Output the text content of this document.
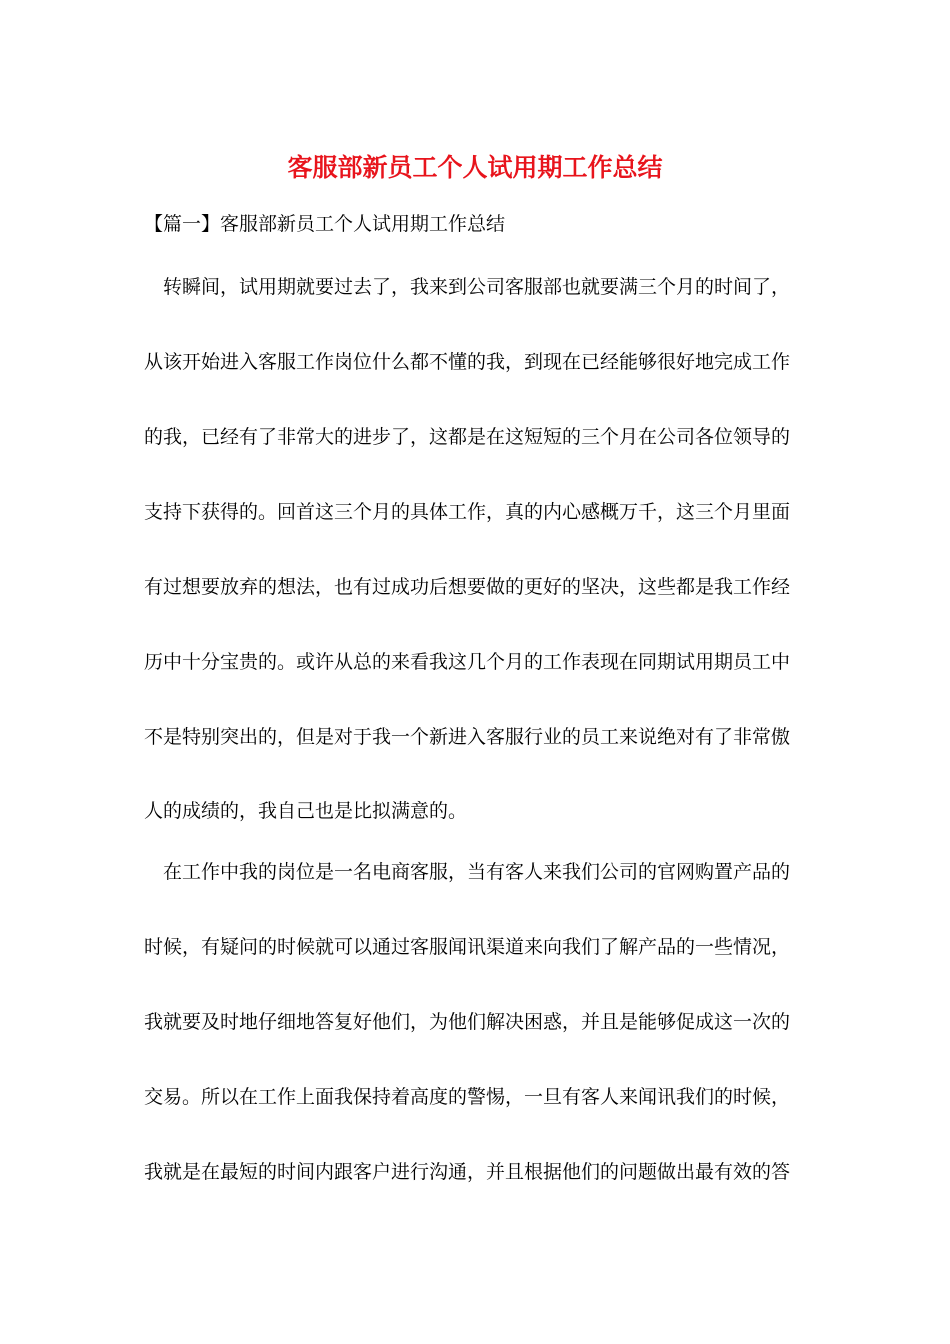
客服部新员工个人试用期工作总结
【篇一】客服部新员工个人试用期工作总结
　转瞬间，试用期就要过去了，我来到公司客服部也就要满三个月的时间了，
从该开始进入客服工作岗位什么都不懂的我，到现在已经能够很好地完成工作
的我，已经有了非常大的进步了，这都是在这短短的三个月在公司各位领导的
支持下获得的。回首这三个月的具体工作，真的内心感概万千，这三个月里面
有过想要放弃的想法，也有过成功后想要做的更好的坚决，这些都是我工作经
历中十分宝贵的。或许从总的来看我这几个月的工作表现在同期试用期员工中
不是特别突出的，但是对于我一个新进入客服行业的员工来说绝对有了非常傲
人的成绩的，我自己也是比拟满意的。
　在工作中我的岗位是一名电商客服，当有客人来我们公司的官网购置产品的
时候，有疑问的时候就可以通过客服闻讯渠道来向我们了解产品的一些情况，
我就要及时地仔细地答复好他们，为他们解决困惑，并且是能够促成这一次的
交易。所以在工作上面我保持着高度的警惕，一旦有客人来闻讯我们的时候，
我就是在最短的时间内跟客户进行沟通，并且根据他们的问题做出最有效的答
